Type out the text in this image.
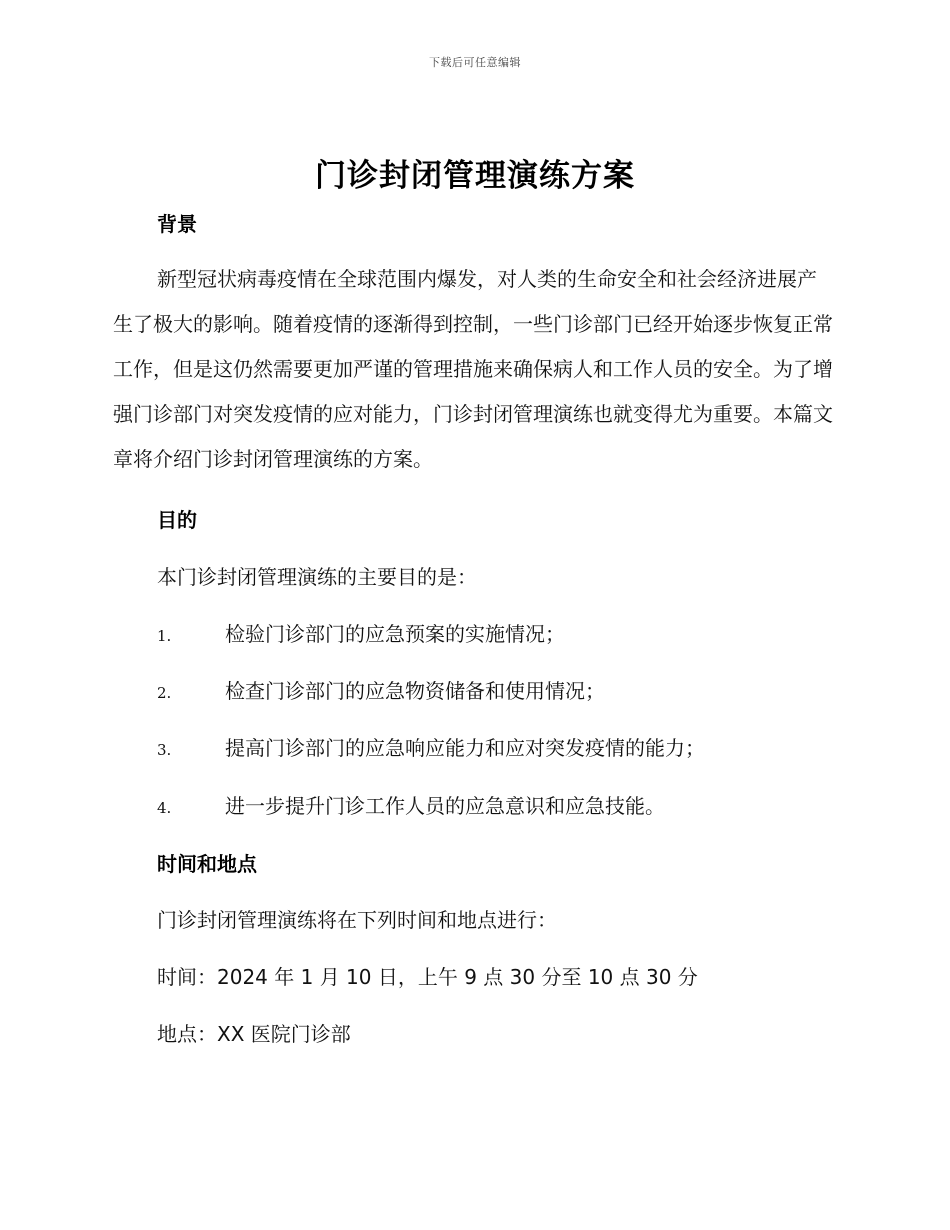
下载后可任意编辑
门诊封闭管理演练方案
背景
新型冠状病毒疫情在全球范围内爆发，对人类的生命安全和社会经济进展产生了极大的影响。随着疫情的逐渐得到控制，一些门诊部门已经开始逐步恢复正常工作，但是这仍然需要更加严谨的管理措施来确保病人和工作人员的安全。为了增强门诊部门对突发疫情的应对能力，门诊封闭管理演练也就变得尤为重要。本篇文章将介绍门诊封闭管理演练的方案。
目的
本门诊封闭管理演练的主要目的是：
1.	检验门诊部门的应急预案的实施情况；
2.	检查门诊部门的应急物资储备和使用情况；
3.	提高门诊部门的应急响应能力和应对突发疫情的能力；
4.	进一步提升门诊工作人员的应急意识和应急技能。
时间和地点
门诊封闭管理演练将在下列时间和地点进行：
时间：2024 年 1 月 10 日，上午 9 点 30 分至 10 点 30 分
地点：XX 医院门诊部
